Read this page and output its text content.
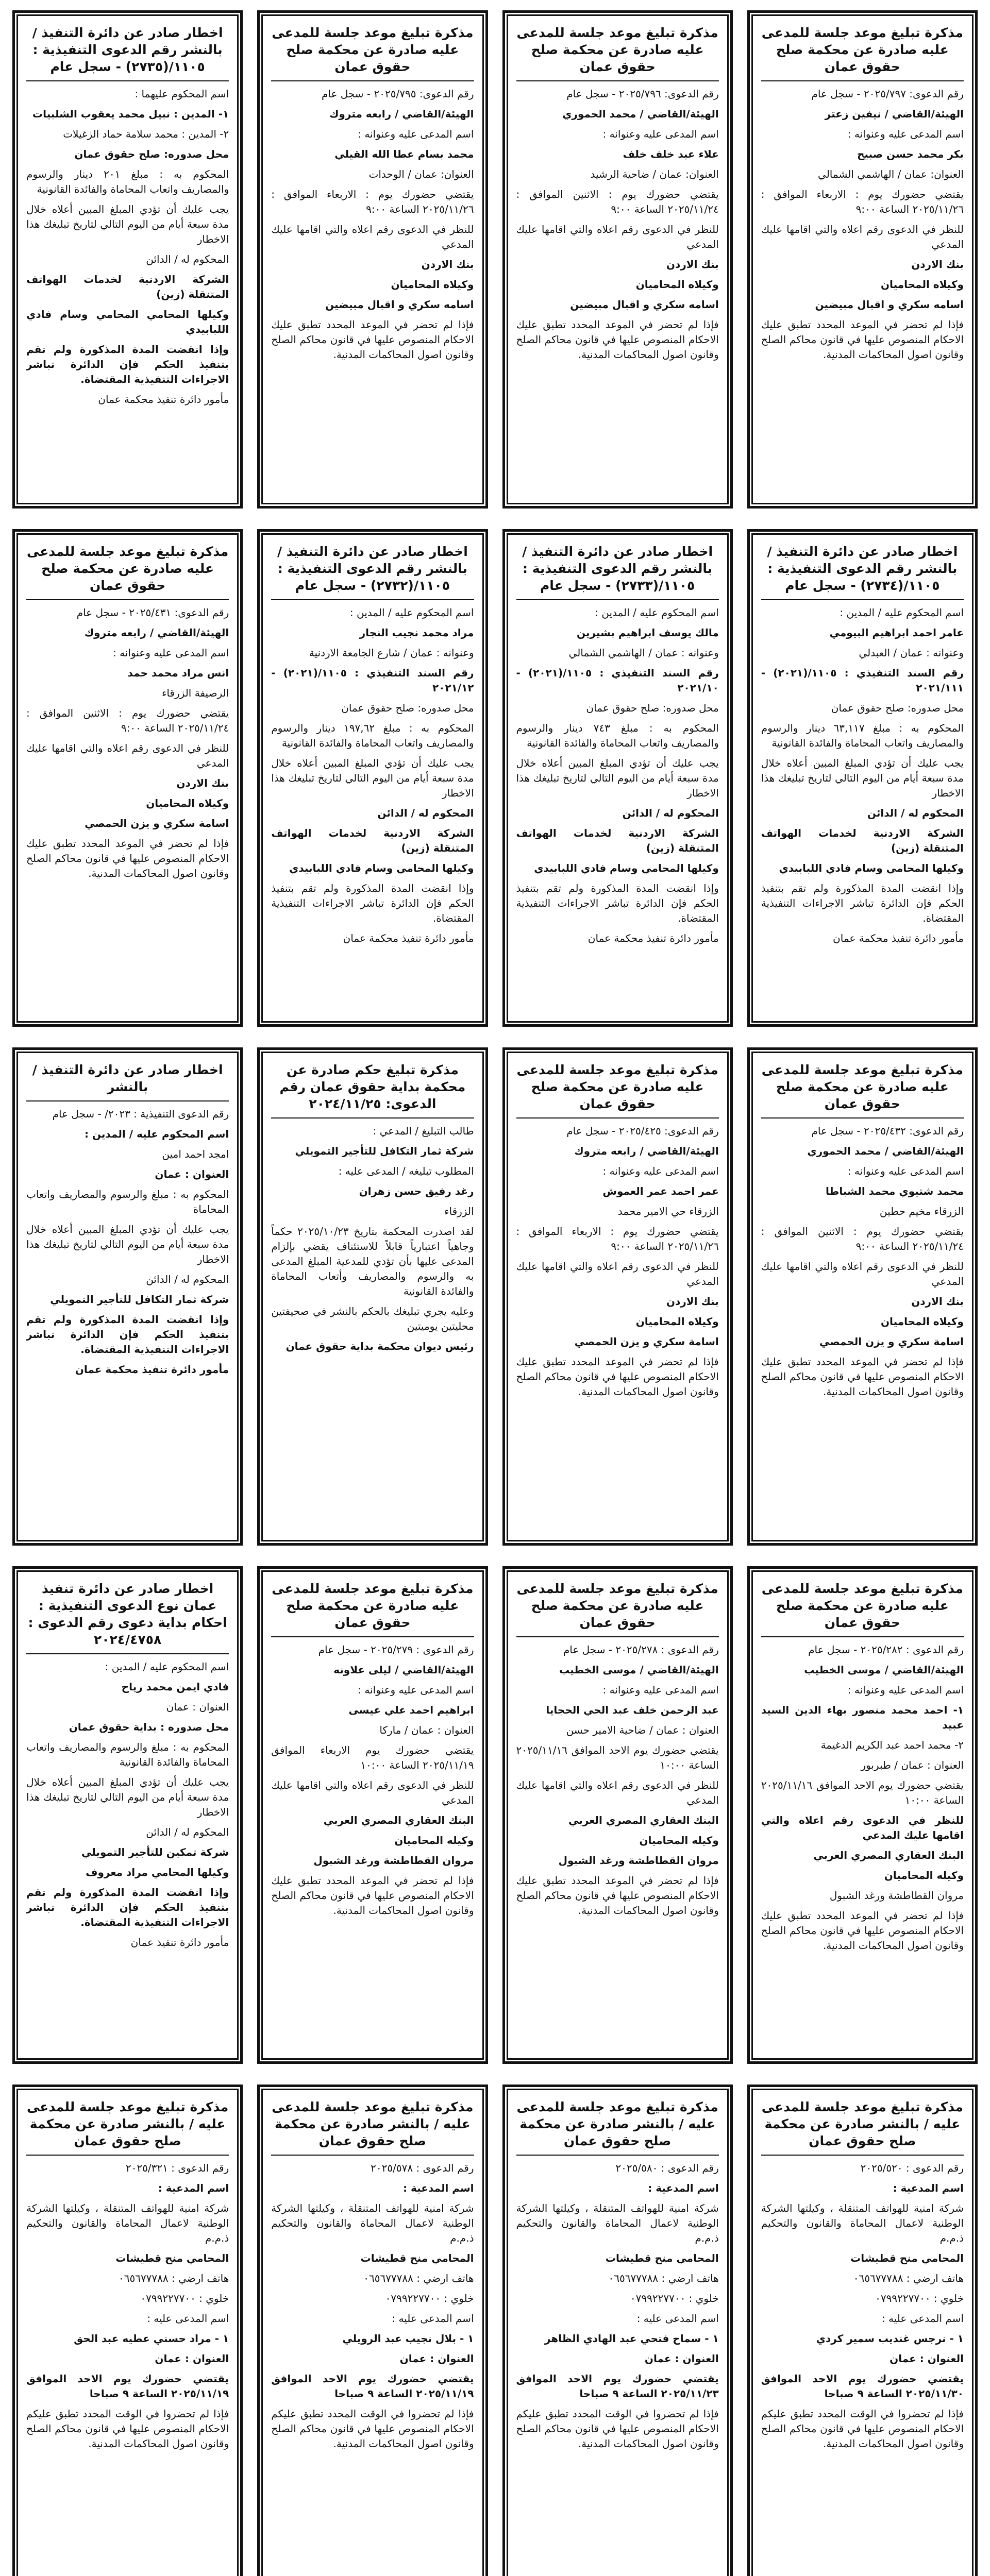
مذكرة تبليغ موعد جلسة للمدعى عليه صادرة عن محكمة صلح حقوق عمان
رقم الدعوى: ٢٠٢٥/٧٩٧ - سجل عام
الهيئة/القاضي / نيفين زعتر
اسم المدعى عليه وعنوانه :
بكر محمد حسن صبيح
العنوان: عمان / الهاشمي الشمالي
يقتضي حضورك يوم : الاربعاء الموافق : ٢٠٢٥/١١/٢٦ الساعة ٩:٠٠
للنظر في الدعوى رقم اعلاه والتي اقامها عليك المدعي
بنك الاردن
وكيلاه المحاميان
اسامه سكري و اقبال مبيضين
فإذا لم تحضر في الموعد المحدد تطبق عليك الاحكام المنصوص عليها في قانون محاكم الصلح وقانون اصول المحاكمات المدنية.
مذكرة تبليغ موعد جلسة للمدعى عليه صادرة عن محكمة صلح حقوق عمان
رقم الدعوى: ٢٠٢٥/٧٩٦ - سجل عام
الهيئة/القاضي / محمد الحموري
اسم المدعى عليه وعنوانه :
علاء عبد خلف خلف
العنوان: عمان / ضاحية الرشيد
يقتضي حضورك يوم : الاثنين الموافق : ٢٠٢٥/١١/٢٤ الساعة ٩:٠٠
للنظر في الدعوى رقم اعلاه والتي اقامها عليك المدعي
بنك الاردن
وكيلاه المحاميان
اسامه سكري و اقبال مبيضين
فإذا لم تحضر في الموعد المحدد تطبق عليك الاحكام المنصوص عليها في قانون محاكم الصلح وقانون اصول المحاكمات المدنية.
مذكرة تبليغ موعد جلسة للمدعى عليه صادرة عن محكمة صلح حقوق عمان
رقم الدعوى: ٢٠٢٥/٧٩٥ - سجل عام
الهيئة/القاضي / رابعه متروك
اسم المدعى عليه وعنوانه :
محمد بسام عطا الله القيلي
العنوان: عمان / الوحدات
يقتضي حضورك يوم : الاربعاء الموافق : ٢٠٢٥/١١/٢٦ الساعة ٩:٠٠
للنظر في الدعوى رقم اعلاه والتي اقامها عليك المدعي
بنك الاردن
وكيلاه المحاميان
اسامه سكري و اقبال مبيضين
فإذا لم تحضر في الموعد المحدد تطبق عليك الاحكام المنصوص عليها في قانون محاكم الصلح وقانون اصول المحاكمات المدنية.
اخطار صادر عن دائرة التنفيذ / بالنشر رقم الدعوى التنفيذية : ١١٠٥/(٢٧٣٥) - سجل عام
اسم المحكوم عليهما :
١- المدين : نبيل محمد يعقوب الشلبيات
٢- المدين : محمد سلامة حماد الزغيلات
محل صدوره: صلح حقوق عمان
المحكوم به : مبلغ ٢٠١ دينار والرسوم والمصاريف واتعاب المحاماة والفائدة القانونية
يجب عليك أن تؤدي المبلغ المبين أعلاه خلال مدة سبعة أيام من اليوم التالي لتاريخ تبليغك هذا الاخطار
المحكوم له / الدائن
الشركة الاردنية لخدمات الهواتف المتنقلة (زين)
وكيلها المحامي المحامي وسام فادي اللبابيدي
وإذا انقضت المدة المذكورة ولم تقم بتنفيذ الحكم فإن الدائرة تباشر الاجراءات التنفيذية المقتضاة.
مأمور دائرة تنفيذ محكمة عمان
اخطار صادر عن دائرة التنفيذ / بالنشر رقم الدعوى التنفيذية : ١١٠٥/(٢٧٣٤) - سجل عام
اسم المحكوم عليه / المدين :
عامر احمد ابراهيم البيومي
وعنوانه : عمان / العبدلي
رقم السند التنفيذي : ١١٠٥/(٢٠٢١) - ٢٠٢١/١١١
محل صدوره: صلح حقوق عمان
المحكوم به : مبلغ ٦٣,١١٧ دينار والرسوم والمصاريف واتعاب المحاماة والفائدة القانونية
يجب عليك أن تؤدي المبلغ المبين أعلاه خلال مدة سبعة أيام من اليوم التالي لتاريخ تبليغك هذا الاخطار
المحكوم له / الدائن
الشركة الاردنية لخدمات الهواتف المتنقلة (زين)
وكيلها المحامي وسام فادي اللبابيدي
وإذا انقضت المدة المذكورة ولم تقم بتنفيذ الحكم فإن الدائرة تباشر الاجراءات التنفيذية المقتضاة.
مأمور دائرة تنفيذ محكمة عمان
اخطار صادر عن دائرة التنفيذ / بالنشر رقم الدعوى التنفيذية : ١١٠٥/(٢٧٣٣) - سجل عام
اسم المحكوم عليه / المدين :
مالك يوسف ابراهيم بشيرين
وعنوانه : عمان / الهاشمي الشمالي
رقم السند التنفيذي : ١١٠٥/(٢٠٢١) - ٢٠٢١/١٠
محل صدوره: صلح حقوق عمان
المحكوم به : مبلغ ٧٤٣ دينار والرسوم والمصاريف واتعاب المحاماة والفائدة القانونية
يجب عليك أن تؤدي المبلغ المبين أعلاه خلال مدة سبعة أيام من اليوم التالي لتاريخ تبليغك هذا الاخطار
المحكوم له / الدائن
الشركة الاردنية لخدمات الهواتف المتنقلة (زين)
وكيلها المحامي وسام فادي اللبابيدي
وإذا انقضت المدة المذكورة ولم تقم بتنفيذ الحكم فإن الدائرة تباشر الاجراءات التنفيذية المقتضاة.
مأمور دائرة تنفيذ محكمة عمان
اخطار صادر عن دائرة التنفيذ / بالنشر رقم الدعوى التنفيذية : ١١٠٥/(٢٧٣٢) - سجل عام
اسم المحكوم عليه / المدين :
مراد محمد نجيب النجار
وعنوانه : عمان / شارع الجامعة الاردنية
رقم السند التنفيذي : ١١٠٥/(٢٠٢١) - ٢٠٢١/١٢
محل صدوره: صلح حقوق عمان
المحكوم به : مبلغ ١٩٧,٦٢ دينار والرسوم والمصاريف واتعاب المحاماة والفائدة القانونية
يجب عليك أن تؤدي المبلغ المبين أعلاه خلال مدة سبعة أيام من اليوم التالي لتاريخ تبليغك هذا الاخطار
المحكوم له / الدائن
الشركة الاردنية لخدمات الهواتف المتنقلة (زين)
وكيلها المحامي وسام فادي اللبابيدي
وإذا انقضت المدة المذكورة ولم تقم بتنفيذ الحكم فإن الدائرة تباشر الاجراءات التنفيذية المقتضاة.
مأمور دائرة تنفيذ محكمة عمان
مذكرة تبليغ موعد جلسة للمدعى عليه صادرة عن محكمة صلح حقوق عمان
رقم الدعوى: ٢٠٢٥/٤٣١ - سجل عام
الهيئة/القاضي / رابعه متروك
اسم المدعى عليه وعنوانه :
انس مراد محمد حمد
الرصيفة الزرقاء
يقتضي حضورك يوم : الاثنين الموافق : ٢٠٢٥/١١/٢٤ الساعة ٩:٠٠
للنظر في الدعوى رقم اعلاه والتي اقامها عليك المدعي
بنك الاردن
وكيلاه المحاميان
اسامة سكري و يزن الحمصي
فإذا لم تحضر في الموعد المحدد تطبق عليك الاحكام المنصوص عليها في قانون محاكم الصلح وقانون اصول المحاكمات المدنية.
مذكرة تبليغ موعد جلسة للمدعى عليه صادرة عن محكمة صلح حقوق عمان
رقم الدعوى: ٢٠٢٥/٤٣٢ - سجل عام
الهيئة/القاضي / محمد الحموري
اسم المدعى عليه وعنوانه :
محمد شتيوي محمد الشباطا
الزرقاء مخيم حطين
يقتضي حضورك يوم : الاثنين الموافق : ٢٠٢٥/١١/٢٤ الساعة ٩:٠٠
للنظر في الدعوى رقم اعلاه والتي اقامها عليك المدعي
بنك الاردن
وكيلاه المحاميان
اسامة سكري و يزن الحمصي
فإذا لم تحضر في الموعد المحدد تطبق عليك الاحكام المنصوص عليها في قانون محاكم الصلح وقانون اصول المحاكمات المدنية.
مذكرة تبليغ موعد جلسة للمدعى عليه صادرة عن محكمة صلح حقوق عمان
رقم الدعوى: ٢٠٢٥/٤٢٥ - سجل عام
الهيئة/القاضي / رابعه متروك
اسم المدعى عليه وعنوانه :
عمر احمد عمر العموش
الزرقاء حي الامير محمد
يقتضي حضورك يوم : الاربعاء الموافق : ٢٠٢٥/١١/٢٦ الساعة ٩:٠٠
للنظر في الدعوى رقم اعلاه والتي اقامها عليك المدعي
بنك الاردن
وكيلاه المحاميان
اسامة سكري و يزن الحمصي
فإذا لم تحضر في الموعد المحدد تطبق عليك الاحكام المنصوص عليها في قانون محاكم الصلح وقانون اصول المحاكمات المدنية.
مذكرة تبليغ حكم صادرة عن محكمة بداية حقوق عمان رقم الدعوى: ٢٠٢٤/١١/٢٥
طالب التبليغ / المدعي :
شركة ثمار التكافل للتأجير التمويلي
المطلوب تبليغه / المدعى عليه :
رغد رفيق حسن زهران
الزرقاء
لقد اصدرت المحكمة بتاريخ ٢٠٢٥/١٠/٢٣ حكماً وجاهياً اعتبارياً قابلاً للاستئناف يقضي بإلزام المدعى عليها بأن تؤدي للمدعية المبلغ المدعى به والرسوم والمصاريف وأتعاب المحاماة والفائدة القانونية
وعليه يجري تبليغك بالحكم بالنشر في صحيفتين محليتين يوميتين
رئيس ديوان محكمة بداية حقوق عمان
اخطار صادر عن دائرة التنفيذ / بالنشر
رقم الدعوى التنفيذية : ٢٠٢٣/ - سجل عام
اسم المحكوم عليه / المدين :
امجد احمد امين
العنوان : عمان
المحكوم به : مبلغ والرسوم والمصاريف واتعاب المحاماة
يجب عليك أن تؤدي المبلغ المبين أعلاه خلال مدة سبعة أيام من اليوم التالي لتاريخ تبليغك هذا الاخطار
المحكوم له / الدائن
شركة ثمار التكافل للتأجير التمويلي
وإذا انقضت المدة المذكورة ولم تقم بتنفيذ الحكم فإن الدائرة تباشر الاجراءات التنفيذية المقتضاة.
مأمور دائرة تنفيذ محكمة عمان
مذكرة تبليغ موعد جلسة للمدعى عليه صادرة عن محكمة صلح حقوق عمان
رقم الدعوى : ٢٠٢٥/٢٨٢ - سجل عام
الهيئة/القاضي / موسى الخطيب
اسم المدعى عليه وعنوانه :
١- احمد محمد منصور بهاء الدين السيد عبيد
٢- محمد احمد عبد الكريم الدغيمة
العنوان : عمان / طبربور
يقتضي حضورك يوم الاحد الموافق ٢٠٢٥/١١/١٦ الساعة ١٠:٠٠
للنظر في الدعوى رقم اعلاه والتي اقامها عليك المدعي
البنك العقاري المصري العربي
وكيله المحاميان
مروان القطاطشة ورغد الشبول
فإذا لم تحضر في الموعد المحدد تطبق عليك الاحكام المنصوص عليها في قانون محاكم الصلح وقانون اصول المحاكمات المدنية.
مذكرة تبليغ موعد جلسة للمدعى عليه صادرة عن محكمة صلح حقوق عمان
رقم الدعوى : ٢٠٢٥/٢٧٨ - سجل عام
الهيئة/القاضي / موسى الخطيب
اسم المدعى عليه وعنوانه :
عبد الرحمن خلف عبد الحي الحجايا
العنوان : عمان / ضاحية الامير حسن
يقتضي حضورك يوم الاحد الموافق ٢٠٢٥/١١/١٦ الساعة ١٠:٠٠
للنظر في الدعوى رقم اعلاه والتي اقامها عليك المدعي
البنك العقاري المصري العربي
وكيله المحاميان
مروان القطاطشة ورغد الشبول
فإذا لم تحضر في الموعد المحدد تطبق عليك الاحكام المنصوص عليها في قانون محاكم الصلح وقانون اصول المحاكمات المدنية.
مذكرة تبليغ موعد جلسة للمدعى عليه صادرة عن محكمة صلح حقوق عمان
رقم الدعوى : ٢٠٢٥/٢٧٩ - سجل عام
الهيئة/القاضي / ليلى علاونه
اسم المدعى عليه وعنوانه :
ابراهيم احمد علي عيسى
العنوان : عمان / ماركا
يقتضي حضورك يوم الاربعاء الموافق ٢٠٢٥/١١/١٩ الساعة ١٠:٠٠
للنظر في الدعوى رقم اعلاه والتي اقامها عليك المدعي
البنك العقاري المصري العربي
وكيله المحاميان
مروان القطاطشة ورغد الشبول
فإذا لم تحضر في الموعد المحدد تطبق عليك الاحكام المنصوص عليها في قانون محاكم الصلح وقانون اصول المحاكمات المدنية.
اخطار صادر عن دائرة تنفيذ عمان نوع الدعوى التنفيذية : احكام بداية دعوى رقم الدعوى : ٢٠٢٤/٤٧٥٨
اسم المحكوم عليه / المدين :
فادي ايمن محمد رياح
العنوان : عمان
محل صدوره : بداية حقوق عمان
المحكوم به : مبلغ والرسوم والمصاريف واتعاب المحاماة والفائدة القانونية
يجب عليك أن تؤدي المبلغ المبين أعلاه خلال مدة سبعة أيام من اليوم التالي لتاريخ تبليغك هذا الاخطار
المحكوم له / الدائن
شركة تمكين للتأجير التمويلي
وكيلها المحامي مراد معروف
وإذا انقضت المدة المذكورة ولم تقم بتنفيذ الحكم فإن الدائرة تباشر الاجراءات التنفيذية المقتضاة.
مأمور دائرة تنفيذ عمان
مذكرة تبليغ موعد جلسة للمدعى عليه / بالنشر صادرة عن محكمة صلح حقوق عمان
رقم الدعوى : ٢٠٢٥/٥٢٠
اسم المدعية :
شركة امنية للهواتف المتنقلة ، وكيلتها الشركة الوطنية لاعمال المحاماة والقانون والتحكيم ذ.م.م
المحامي منح قطيشات
هاتف ارضي : ٠٦٥٦٧٧٧٨٨
خلوي : ٠٧٩٩٢٢٧٧٠٠
اسم المدعى عليه :
١ - نرجس غنديب سمير كردي
العنوان : عمان
يقتضي حضورك يوم الاحد الموافق ٢٠٢٥/١١/٣٠ الساعة ٩ صباحا
فإذا لم تحضروا في الوقت المحدد تطبق عليكم الاحكام المنصوص عليها في قانون محاكم الصلح وقانون اصول المحاكمات المدنية.
مذكرة تبليغ موعد جلسة للمدعى عليه / بالنشر صادرة عن محكمة صلح حقوق عمان
رقم الدعوى : ٢٠٢٥/٥٨٠
اسم المدعية :
شركة امنية للهواتف المتنقلة ، وكيلتها الشركة الوطنية لاعمال المحاماة والقانون والتحكيم ذ.م.م
المحامي منح قطيشات
هاتف ارضي : ٠٦٥٦٧٧٧٨٨
خلوي : ٠٧٩٩٢٢٧٧٠٠
اسم المدعى عليه :
١ - سماح فتحي عبد الهادي الظاهر
العنوان : عمان
يقتضي حضورك يوم الاحد الموافق ٢٠٢٥/١١/٢٣ الساعة ٩ صباحا
فإذا لم تحضروا في الوقت المحدد تطبق عليكم الاحكام المنصوص عليها في قانون محاكم الصلح وقانون اصول المحاكمات المدنية.
مذكرة تبليغ موعد جلسة للمدعى عليه / بالنشر صادرة عن محكمة صلح حقوق عمان
رقم الدعوى : ٢٠٢٥/٥٧٨
اسم المدعية :
شركة امنية للهواتف المتنقلة ، وكيلتها الشركة الوطنية لاعمال المحاماة والقانون والتحكيم ذ.م.م
المحامي منح قطيشات
هاتف ارضي : ٠٦٥٦٧٧٧٨٨
خلوي : ٠٧٩٩٢٢٧٧٠٠
اسم المدعى عليه :
١ - بلال نجيب عبد الرويلي
العنوان : عمان
يقتضي حضورك يوم الاحد الموافق ٢٠٢٥/١١/١٩ الساعة ٩ صباحا
فإذا لم تحضروا في الوقت المحدد تطبق عليكم الاحكام المنصوص عليها في قانون محاكم الصلح وقانون اصول المحاكمات المدنية.
مذكرة تبليغ موعد جلسة للمدعى عليه / بالنشر صادرة عن محكمة صلح حقوق عمان
رقم الدعوى : ٢٠٢٥/٣٢١
اسم المدعية :
شركة امنية للهواتف المتنقلة ، وكيلتها الشركة الوطنية لاعمال المحاماة والقانون والتحكيم ذ.م.م
المحامي منح قطيشات
هاتف ارضي : ٠٦٥٦٧٧٧٨٨
خلوي : ٠٧٩٩٢٢٧٧٠٠
اسم المدعى عليه :
١ - مراد حسني عطيه عبد الحق
العنوان : عمان
يقتضي حضورك يوم الاحد الموافق ٢٠٢٥/١١/١٩ الساعة ٩ صباحا
فإذا لم تحضروا في الوقت المحدد تطبق عليكم الاحكام المنصوص عليها في قانون محاكم الصلح وقانون اصول المحاكمات المدنية.
